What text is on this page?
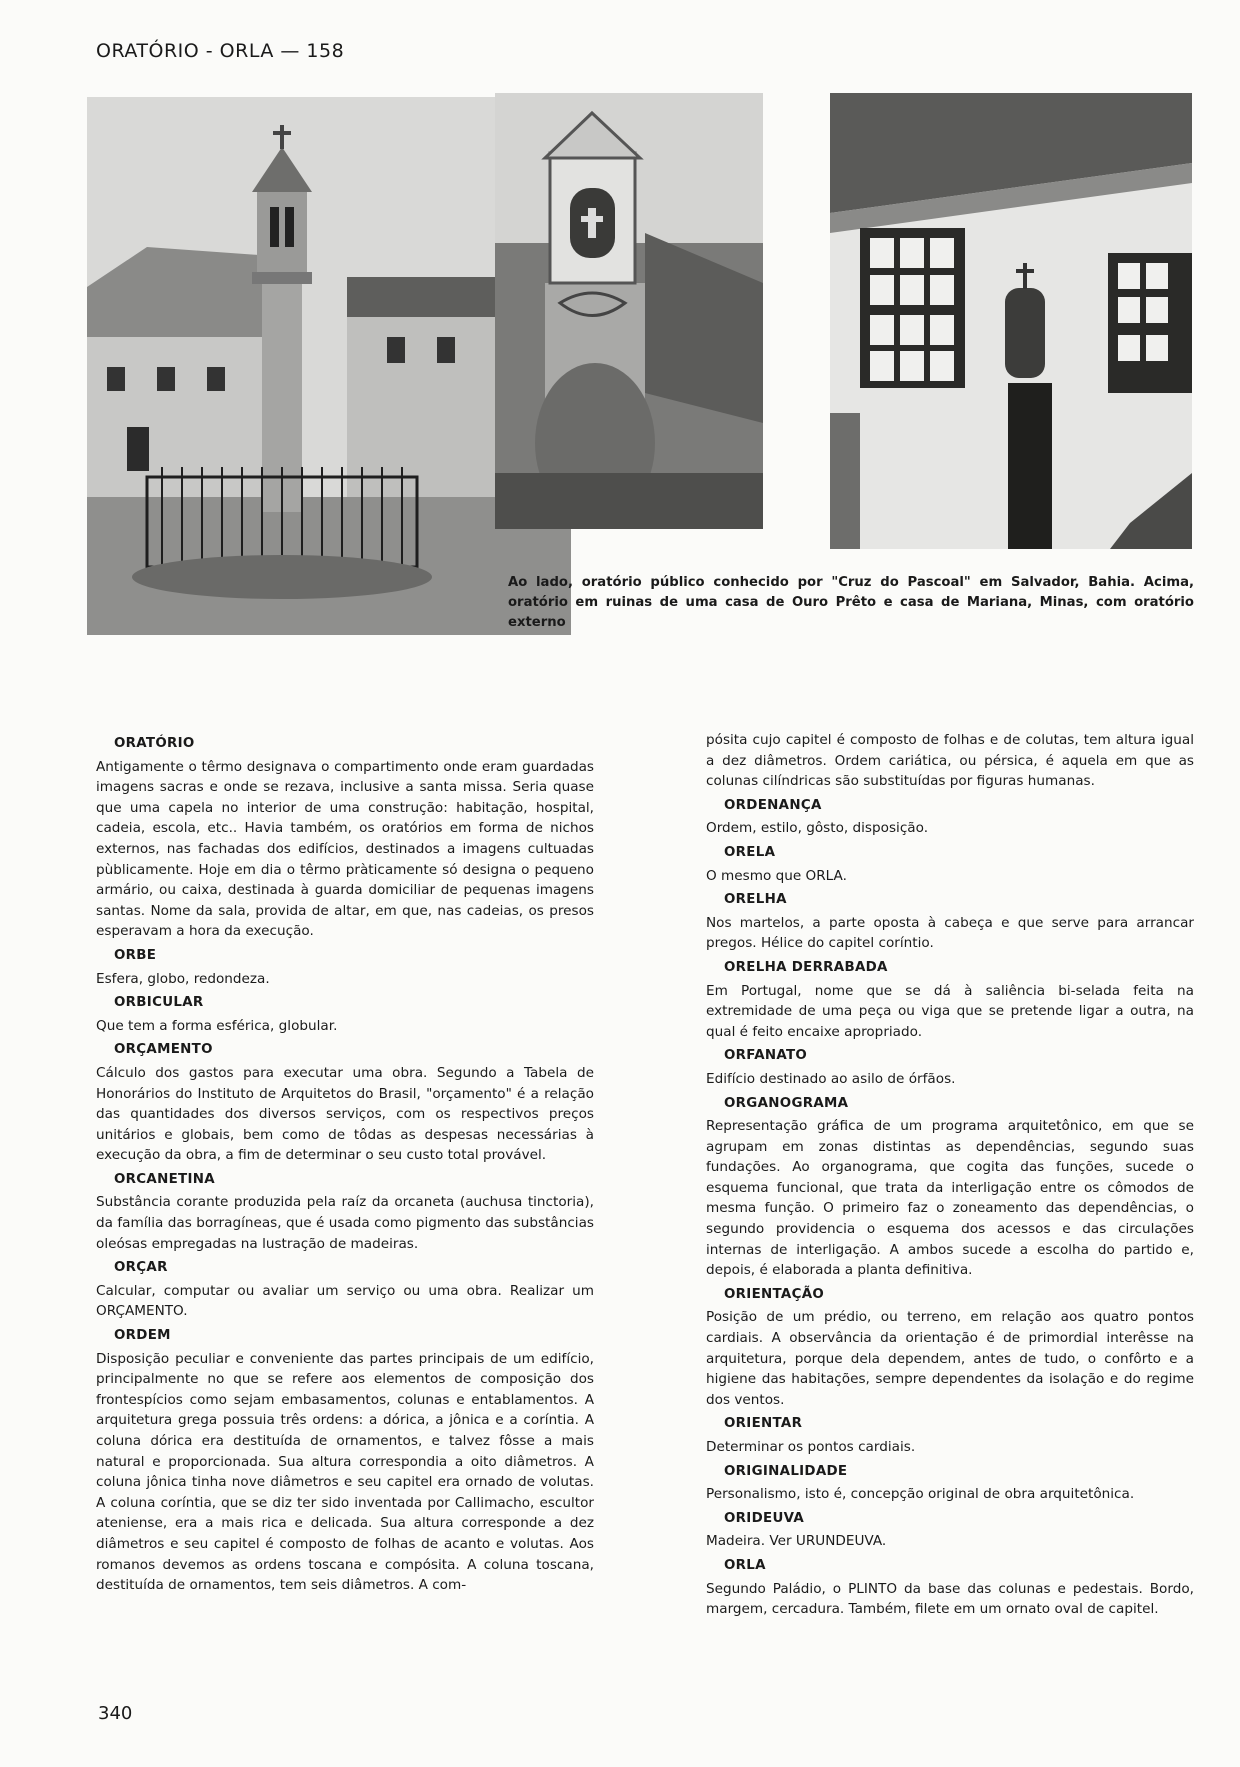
ORATÓRIO - ORLA — 158
Ao lado, oratório público conhecido por "Cruz do Pascoal" em Salvador, Bahia. Acima, oratório em ruinas de uma casa de Ouro Prêto e casa de Mariana, Minas, com oratório externo
ORATÓRIO
Antigamente o têrmo designava o compartimento onde eram guardadas imagens sacras e onde se rezava, inclusive a santa missa. Seria quase que uma capela no interior de uma construção: habitação, hospital, cadeia, escola, etc.. Havia também, os oratórios em forma de nichos externos, nas fachadas dos edifícios, destinados a imagens cultuadas pùblicamente. Hoje em dia o têrmo pràticamente só designa o pequeno armário, ou caixa, destinada à guarda domiciliar de pequenas imagens santas. Nome da sala, provida de altar, em que, nas cadeias, os presos esperavam a hora da execução.
ORBE
Esfera, globo, redondeza.
ORBICULAR
Que tem a forma esférica, globular.
ORÇAMENTO
Cálculo dos gastos para executar uma obra. Segundo a Tabela de Honorários do Instituto de Arquitetos do Brasil, "orçamento" é a relação das quantidades dos diversos serviços, com os respectivos preços unitários e globais, bem como de tôdas as despesas necessárias à execução da obra, a fim de determinar o seu custo total provável.
ORCANETINA
Substância corante produzida pela raíz da orcaneta (auchusa tinctoria), da família das borragíneas, que é usada como pigmento das substâncias oleósas empregadas na lustração de madeiras.
ORÇAR
Calcular, computar ou avaliar um serviço ou uma obra. Realizar um ORÇAMENTO.
ORDEM
Disposição peculiar e conveniente das partes principais de um edifício, principalmente no que se refere aos elementos de composição dos frontespícios como sejam embasamentos, colunas e entablamentos. A arquitetura grega possuia três ordens: a dórica, a jônica e a coríntia. A coluna dórica era destituída de ornamentos, e talvez fôsse a mais natural e proporcionada. Sua altura correspondia a oito diâmetros. A coluna jônica tinha nove diâmetros e seu capitel era ornado de volutas. A coluna coríntia, que se diz ter sido inventada por Callimacho, escultor ateniense, era a mais rica e delicada. Sua altura corresponde a dez diâmetros e seu capitel é composto de folhas de acanto e volutas. Aos romanos devemos as ordens toscana e compósita. A coluna toscana, destituída de ornamentos, tem seis diâmetros. A com-
pósita cujo capitel é composto de folhas e de colutas, tem altura igual a dez diâmetros. Ordem cariática, ou pérsica, é aquela em que as colunas cilíndricas são substituídas por figuras humanas.
ORDENANÇA
Ordem, estilo, gôsto, disposição.
ORELA
O mesmo que ORLA.
ORELHA
Nos martelos, a parte oposta à cabeça e que serve para arrancar pregos. Hélice do capitel coríntio.
ORELHA DERRABADA
Em Portugal, nome que se dá à saliência bi-selada feita na extremidade de uma peça ou viga que se pretende ligar a outra, na qual é feito encaixe apropriado.
ORFANATO
Edifício destinado ao asilo de órfãos.
ORGANOGRAMA
Representação gráfica de um programa arquitetônico, em que se agrupam em zonas distintas as dependências, segundo suas fundações. Ao organograma, que cogita das funções, sucede o esquema funcional, que trata da interligação entre os cômodos de mesma função. O primeiro faz o zoneamento das dependências, o segundo providencia o esquema dos acessos e das circulações internas de interligação. A ambos sucede a escolha do partido e, depois, é elaborada a planta definitiva.
ORIENTAÇÃO
Posição de um prédio, ou terreno, em relação aos quatro pontos cardiais. A observância da orientação é de primordial interêsse na arquitetura, porque dela dependem, antes de tudo, o confôrto e a higiene das habitações, sempre dependentes da isolação e do regime dos ventos.
ORIENTAR
Determinar os pontos cardiais.
ORIGINALIDADE
Personalismo, isto é, concepção original de obra arquitetônica.
ORIDEUVA
Madeira. Ver URUNDEUVA.
ORLA
Segundo Paládio, o PLINTO da base das colunas e pedestais. Bordo, margem, cercadura. Também, filete em um ornato oval de capitel.
340
